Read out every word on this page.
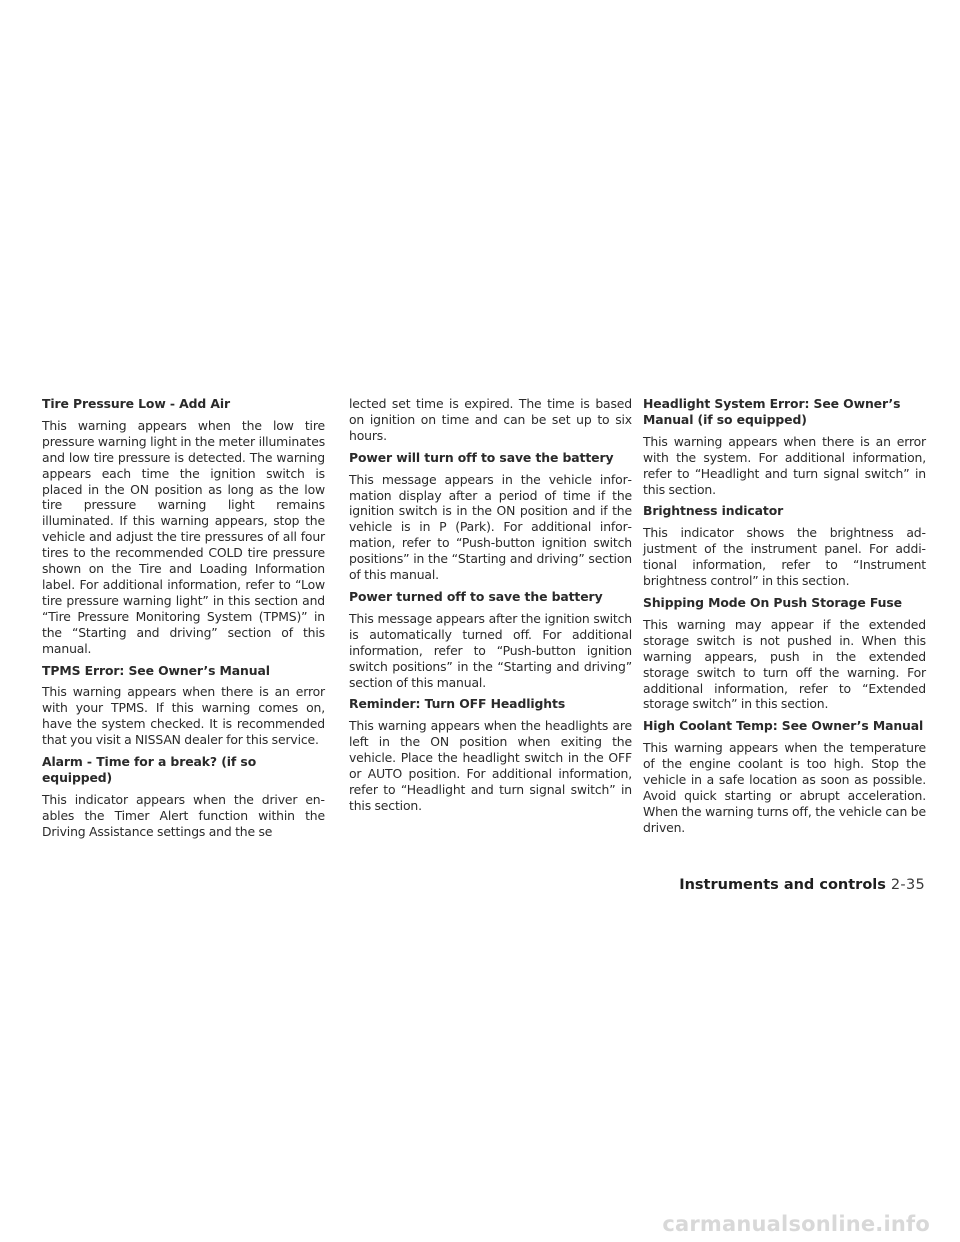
Tire Pressure Low - Add Air

This warning appears when the low tire pressure warning light in the meter illuminates and low tire pressure is detected. The warning appears each time the ignition switch is placed in the ON position as long as the low tire pressure warning light remains illuminated. If this warning appears, stop the vehicle and adjust the tire pressures of all four tires to the recommended COLD tire pressure shown on the Tire and Loading Information label. For additional information, refer to “Low tire pressure warning light” in this section and “Tire Pressure Monitoring System (TPMS)” in the “Starting and driving” section of this manual.

TPMS Error: See Owner’s Manual

This warning appears when there is an error with your TPMS. If this warning comes on, have the system checked. It is recommended that you visit a NISSAN dealer for this service.

Alarm - Time for a break? (if so equipped)

This indicator appears when the driver enables the Timer Alert function within the Driving Assistance settings and the se

lected set time is expired. The time is based on ignition on time and can be set up to six hours.

Power will turn off to save the battery

This message appears in the vehicle information display after a period of time if the ignition switch is in the ON position and if the vehicle is in P (Park). For additional information, refer to “Push-button ignition switch positions” in the “Starting and driving” section of this manual.

Power turned off to save the battery

This message appears after the ignition switch is automatically turned off. For additional information, refer to “Push-button ignition switch positions” in the “Starting and driving” section of this manual.

Reminder: Turn OFF Headlights

This warning appears when the headlights are left in the ON position when exiting the vehicle. Place the headlight switch in the OFF or AUTO position. For additional information, refer to “Headlight and turn signal switch” in this section.

Headlight System Error: See Owner’s Manual (if so equipped)

This warning appears when there is an error with the system. For additional information, refer to “Headlight and turn signal switch” in this section.

Brightness indicator

This indicator shows the brightness adjustment of the instrument panel. For additional information, refer to “Instrument brightness control” in this section.

Shipping Mode On Push Storage Fuse

This warning may appear if the extended storage switch is not pushed in. When this warning appears, push in the extended storage switch to turn off the warning. For additional information, refer to “Extended storage switch” in this section.

High Coolant Temp: See Owner’s Manual

This warning appears when the temperature of the engine coolant is too high. Stop the vehicle in a safe location as soon as possible. Avoid quick starting or abrupt acceleration. When the warning turns off, the vehicle can be driven.

Instruments and controls 2-35
carmanualsonline.info
